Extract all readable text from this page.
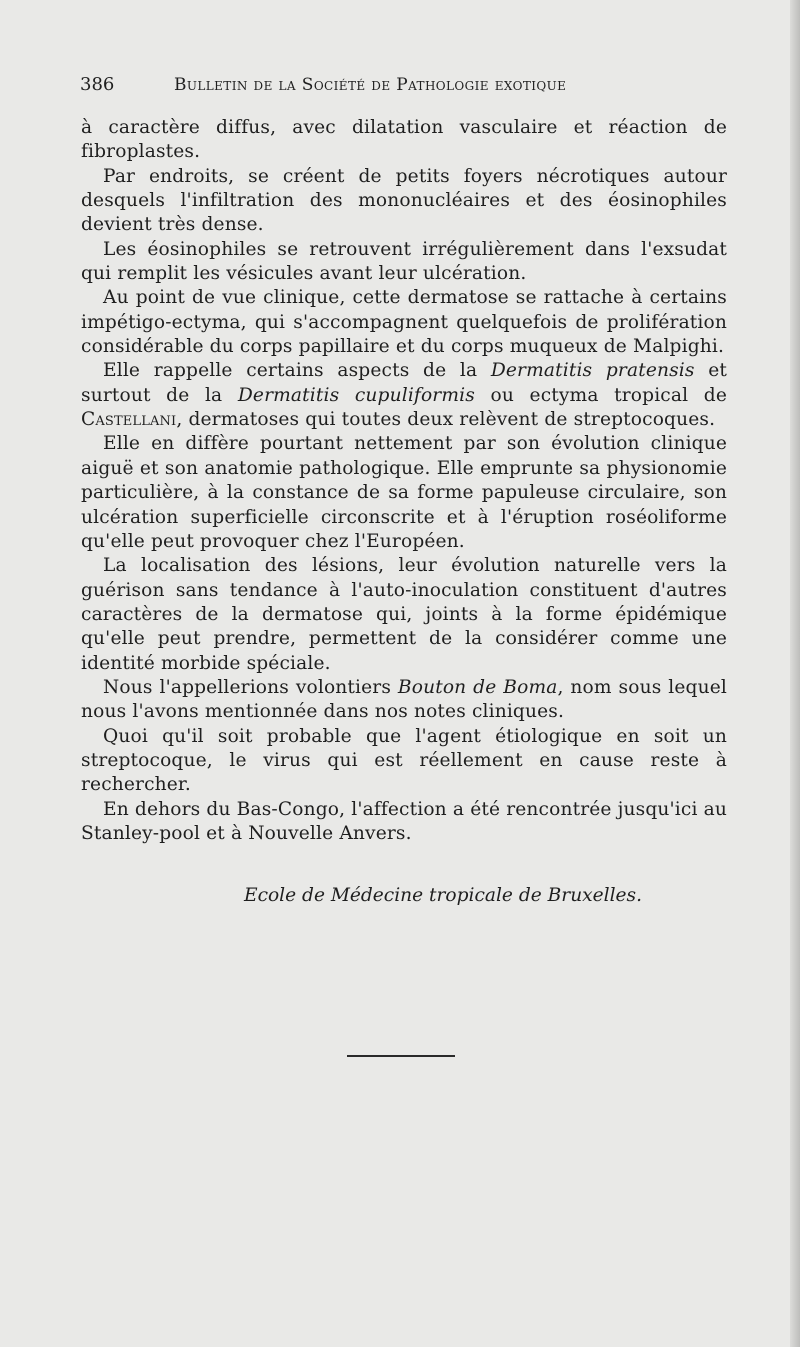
386	Bulletin de la Société de Pathologie exotique

à caractère diffus, avec dilatation vasculaire et réaction de fibroplastes.

Par endroits, se créent de petits foyers nécrotiques autour desquels l'infiltration des mononucléaires et des éosinophiles devient très dense.

Les éosinophiles se retrouvent irrégulièrement dans l'exsudat qui remplit les vésicules avant leur ulcération.

Au point de vue clinique, cette dermatose se rattache à certains impétigo-ectyma, qui s'accompagnent quelquefois de prolifération considérable du corps papillaire et du corps muqueux de Malpighi.

Elle rappelle certains aspects de la Dermatitis pratensis et surtout de la Dermatitis cupuliformis ou ectyma tropical de Castellani, dermatoses qui toutes deux relèvent de streptocoques.

Elle en diffère pourtant nettement par son évolution clinique aiguë et son anatomie pathologique. Elle emprunte sa physionomie particulière, à la constance de sa forme papuleuse circulaire, son ulcération superficielle circonscrite et à l'éruption roséoliforme qu'elle peut provoquer chez l'Européen.

La localisation des lésions, leur évolution naturelle vers la guérison sans tendance à l'auto-inoculation constituent d'autres caractères de la dermatose qui, joints à la forme épidémique qu'elle peut prendre, permettent de la considérer comme une identité morbide spéciale.

Nous l'appellerions volontiers Bouton de Boma, nom sous lequel nous l'avons mentionnée dans nos notes cliniques.

Quoi qu'il soit probable que l'agent étiologique en soit un streptocoque, le virus qui est réellement en cause reste à rechercher.

En dehors du Bas-Congo, l'affection a été rencontrée jusqu'ici au Stanley-pool et à Nouvelle Anvers.

Ecole de Médecine tropicale de Bruxelles.
